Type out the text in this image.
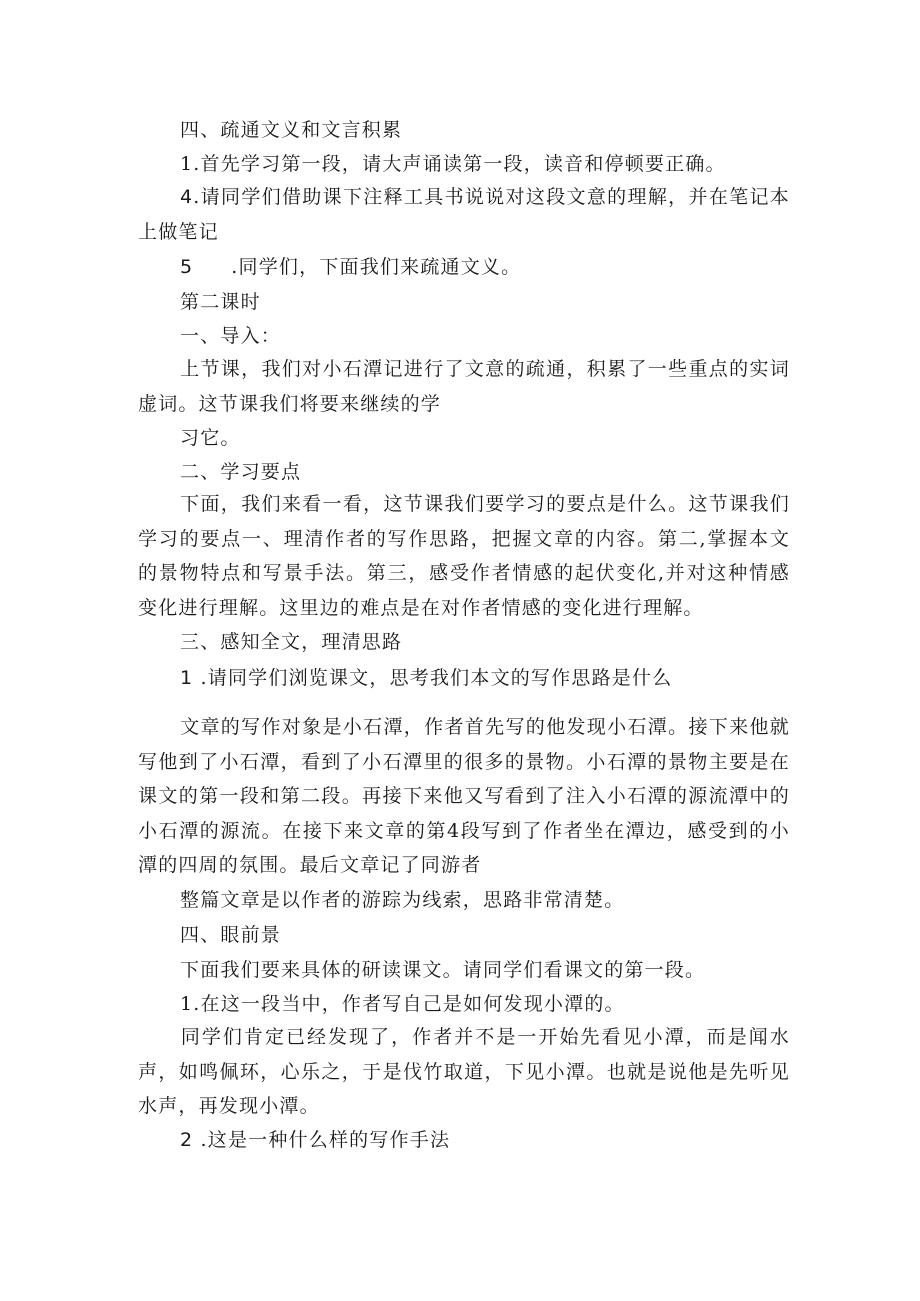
四、疏通文义和文言积累
1.首先学习第一段，请大声诵读第一段，读音和停顿要正确。
4.请同学们借助课下注释工具书说说对这段文意的理解，并在笔记本上做笔记
5 .同学们，下面我们来疏通文义。
第二课时
一、导入：
上节课，我们对小石潭记进行了文意的疏通，积累了一些重点的实词虚词。这节课我们将要来继续的学
习它。
二、学习要点
下面，我们来看一看，这节课我们要学习的要点是什么。这节课我们学习的要点一、理清作者的写作思路，把握文章的内容。第二,掌握本文的景物特点和写景手法。第三，感受作者情感的起伏变化,并对这种情感变化进行理解。这里边的难点是在对作者情感的变化进行理解。
三、感知全文，理清思路
1 .请同学们浏览课文，思考我们本文的写作思路是什么
文章的写作对象是小石潭，作者首先写的他发现小石潭。接下来他就写他到了小石潭，看到了小石潭里的很多的景物。小石潭的景物主要是在课文的第一段和第二段。再接下来他又写看到了注入小石潭的源流潭中的小石潭的源流。在接下来文章的第4段写到了作者坐在潭边，感受到的小潭的四周的氛围。最后文章记了同游者
整篇文章是以作者的游踪为线索，思路非常清楚。
四、眼前景
下面我们要来具体的研读课文。请同学们看课文的第一段。
1.在这一段当中，作者写自己是如何发现小潭的。
同学们肯定已经发现了，作者并不是一开始先看见小潭，而是闻水声，如鸣佩环，心乐之，于是伐竹取道，下见小潭。也就是说他是先听见水声，再发现小潭。
2 .这是一种什么样的写作手法
